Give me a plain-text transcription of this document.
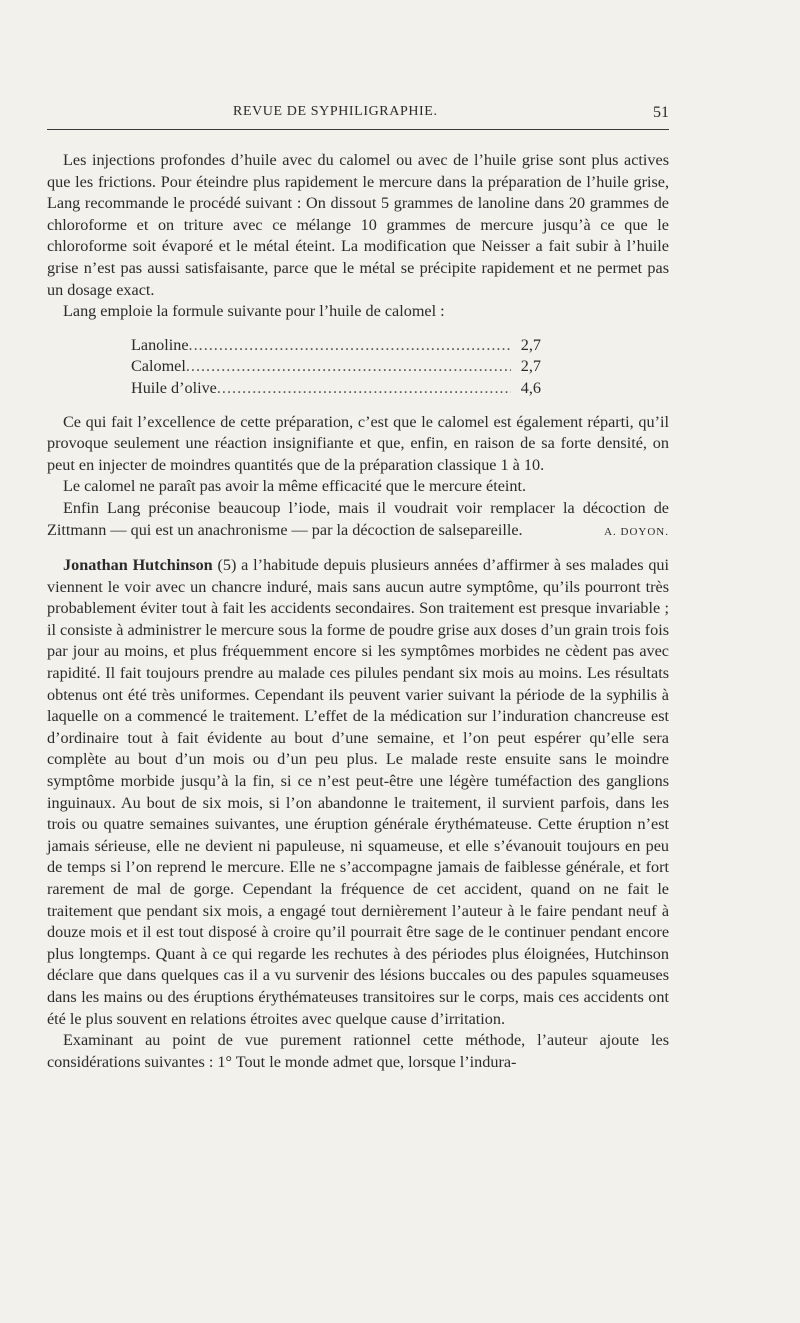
REVUE DE SYPHILIGRAPHIE.	51

Les injections profondes d’huile avec du calomel ou avec de l’huile grise sont plus actives que les frictions. Pour éteindre plus rapidement le mercure dans la préparation de l’huile grise, Lang recommande le procédé suivant : On dissout 5 grammes de lanoline dans 20 grammes de chloroforme et on triture avec ce mélange 10 grammes de mercure jusqu’à ce que le chloroforme soit évaporé et le métal éteint. La modification que Neisser a fait subir à l’huile grise n’est pas aussi satisfaisante, parce que le métal se précipite rapidement et ne permet pas un dosage exact.

Lang emploie la formule suivante pour l’huile de calomel :

Lanoline .....	2,7
Calomel .....	2,7
Huile d’olive .....	4,6

Ce qui fait l’excellence de cette préparation, c’est que le calomel est également réparti, qu’il provoque seulement une réaction insignifiante et que, enfin, en raison de sa forte densité, on peut en injecter de moindres quantités que de la préparation classique 1 à 10.

Le calomel ne paraît pas avoir la même efficacité que le mercure éteint.

Enfin Lang préconise beaucoup l’iode, mais il voudrait voir remplacer la décoction de Zittmann — qui est un anachronisme — par la décoction de salsepareille.	A. DOYON.

Jonathan Hutchinson (5) a l’habitude depuis plusieurs années d’affirmer à ses malades qui viennent le voir avec un chancre induré, mais sans aucun autre symptôme, qu’ils pourront très probablement éviter tout à fait les accidents secondaires. Son traitement est presque invariable ; il consiste à administrer le mercure sous la forme de poudre grise aux doses d’un grain trois fois par jour au moins, et plus fréquemment encore si les symptômes morbides ne cèdent pas avec rapidité. Il fait toujours prendre au malade ces pilules pendant six mois au moins. Les résultats obtenus ont été très uniformes. Cependant ils peuvent varier suivant la période de la syphilis à laquelle on a commencé le traitement. L’effet de la médication sur l’induration chancreuse est d’ordinaire tout à fait évidente au bout d’une semaine, et l’on peut espérer qu’elle sera complète au bout d’un mois ou d’un peu plus. Le malade reste ensuite sans le moindre symptôme morbide jusqu’à la fin, si ce n’est peut-être une légère tuméfaction des ganglions inguinaux. Au bout de six mois, si l’on abandonne le traitement, il survient parfois, dans les trois ou quatre semaines suivantes, une éruption générale érythémateuse. Cette éruption n’est jamais sérieuse, elle ne devient ni papuleuse, ni squameuse, et elle s’évanouit toujours en peu de temps si l’on reprend le mercure. Elle ne s’accompagne jamais de faiblesse générale, et fort rarement de mal de gorge. Cependant la fréquence de cet accident, quand on ne fait le traitement que pendant six mois, a engagé tout dernièrement l’auteur à le faire pendant neuf à douze mois et il est tout disposé à croire qu’il pourrait être sage de le continuer pendant encore plus longtemps. Quant à ce qui regarde les rechutes à des périodes plus éloignées, Hutchinson déclare que dans quelques cas il a vu survenir des lésions buccales ou des papules squameuses dans les mains ou des éruptions érythémateuses transitoires sur le corps, mais ces accidents ont été le plus souvent en relations étroites avec quelque cause d’irritation.

Examinant au point de vue purement rationnel cette méthode, l’auteur ajoute les considérations suivantes : 1° Tout le monde admet que, lorsque l’indura-
